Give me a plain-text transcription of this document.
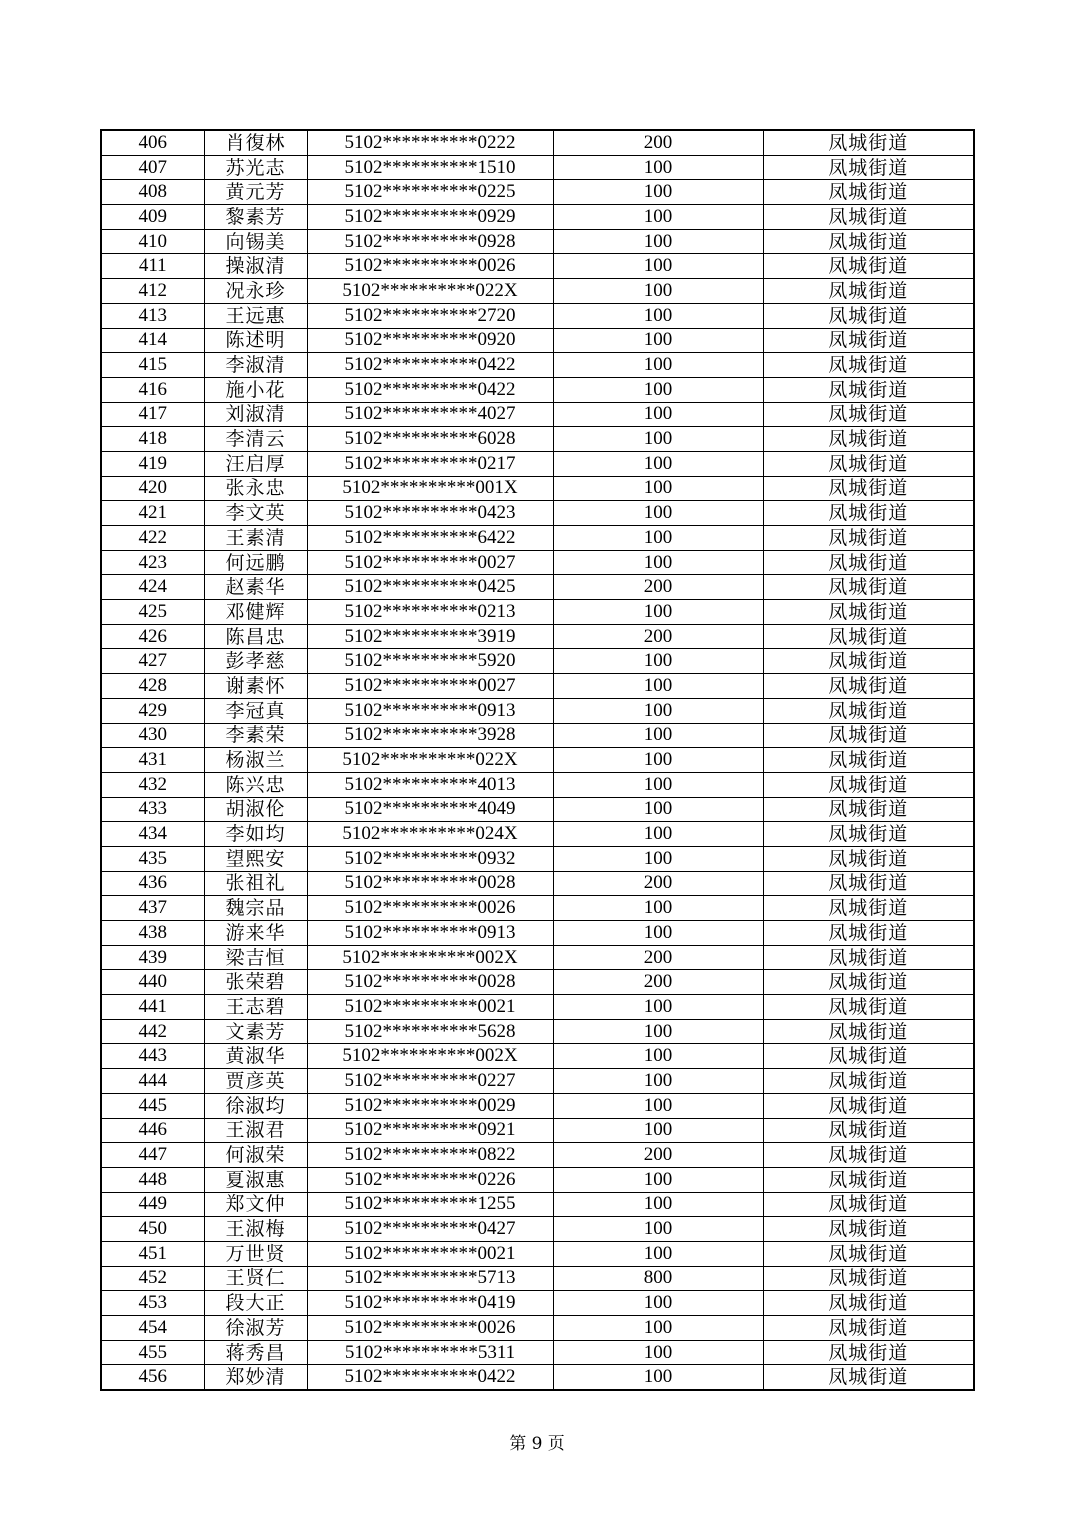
406	肖復林	5102**********0222	200	凤城街道
407	苏光志	5102**********1510	100	凤城街道
408	黄元芳	5102**********0225	100	凤城街道
409	黎素芳	5102**********0929	100	凤城街道
410	向锡美	5102**********0928	100	凤城街道
411	操淑清	5102**********0026	100	凤城街道
412	况永珍	5102**********022X	100	凤城街道
413	王远惠	5102**********2720	100	凤城街道
414	陈述明	5102**********0920	100	凤城街道
415	李淑清	5102**********0422	100	凤城街道
416	施小花	5102**********0422	100	凤城街道
417	刘淑清	5102**********4027	100	凤城街道
418	李清云	5102**********6028	100	凤城街道
419	汪启厚	5102**********0217	100	凤城街道
420	张永忠	5102**********001X	100	凤城街道
421	李文英	5102**********0423	100	凤城街道
422	王素清	5102**********6422	100	凤城街道
423	何远鹏	5102**********0027	100	凤城街道
424	赵素华	5102**********0425	200	凤城街道
425	邓健辉	5102**********0213	100	凤城街道
426	陈昌忠	5102**********3919	200	凤城街道
427	彭孝慈	5102**********5920	100	凤城街道
428	谢素怀	5102**********0027	100	凤城街道
429	李冠真	5102**********0913	100	凤城街道
430	李素荣	5102**********3928	100	凤城街道
431	杨淑兰	5102**********022X	100	凤城街道
432	陈兴忠	5102**********4013	100	凤城街道
433	胡淑伦	5102**********4049	100	凤城街道
434	李如均	5102**********024X	100	凤城街道
435	望熙安	5102**********0932	100	凤城街道
436	张祖礼	5102**********0028	200	凤城街道
437	魏宗品	5102**********0026	100	凤城街道
438	游来华	5102**********0913	100	凤城街道
439	梁吉恒	5102**********002X	200	凤城街道
440	张荣碧	5102**********0028	200	凤城街道
441	王志碧	5102**********0021	100	凤城街道
442	文素芳	5102**********5628	100	凤城街道
443	黄淑华	5102**********002X	100	凤城街道
444	贾彦英	5102**********0227	100	凤城街道
445	徐淑均	5102**********0029	100	凤城街道
446	王淑君	5102**********0921	100	凤城街道
447	何淑荣	5102**********0822	200	凤城街道
448	夏淑惠	5102**********0226	100	凤城街道
449	郑文仲	5102**********1255	100	凤城街道
450	王淑梅	5102**********0427	100	凤城街道
451	万世贤	5102**********0021	100	凤城街道
452	王贤仁	5102**********5713	800	凤城街道
453	段大正	5102**********0419	100	凤城街道
454	徐淑芳	5102**********0026	100	凤城街道
455	蒋秀昌	5102**********5311	100	凤城街道
456	郑妙清	5102**********0422	100	凤城街道
第 9 页
